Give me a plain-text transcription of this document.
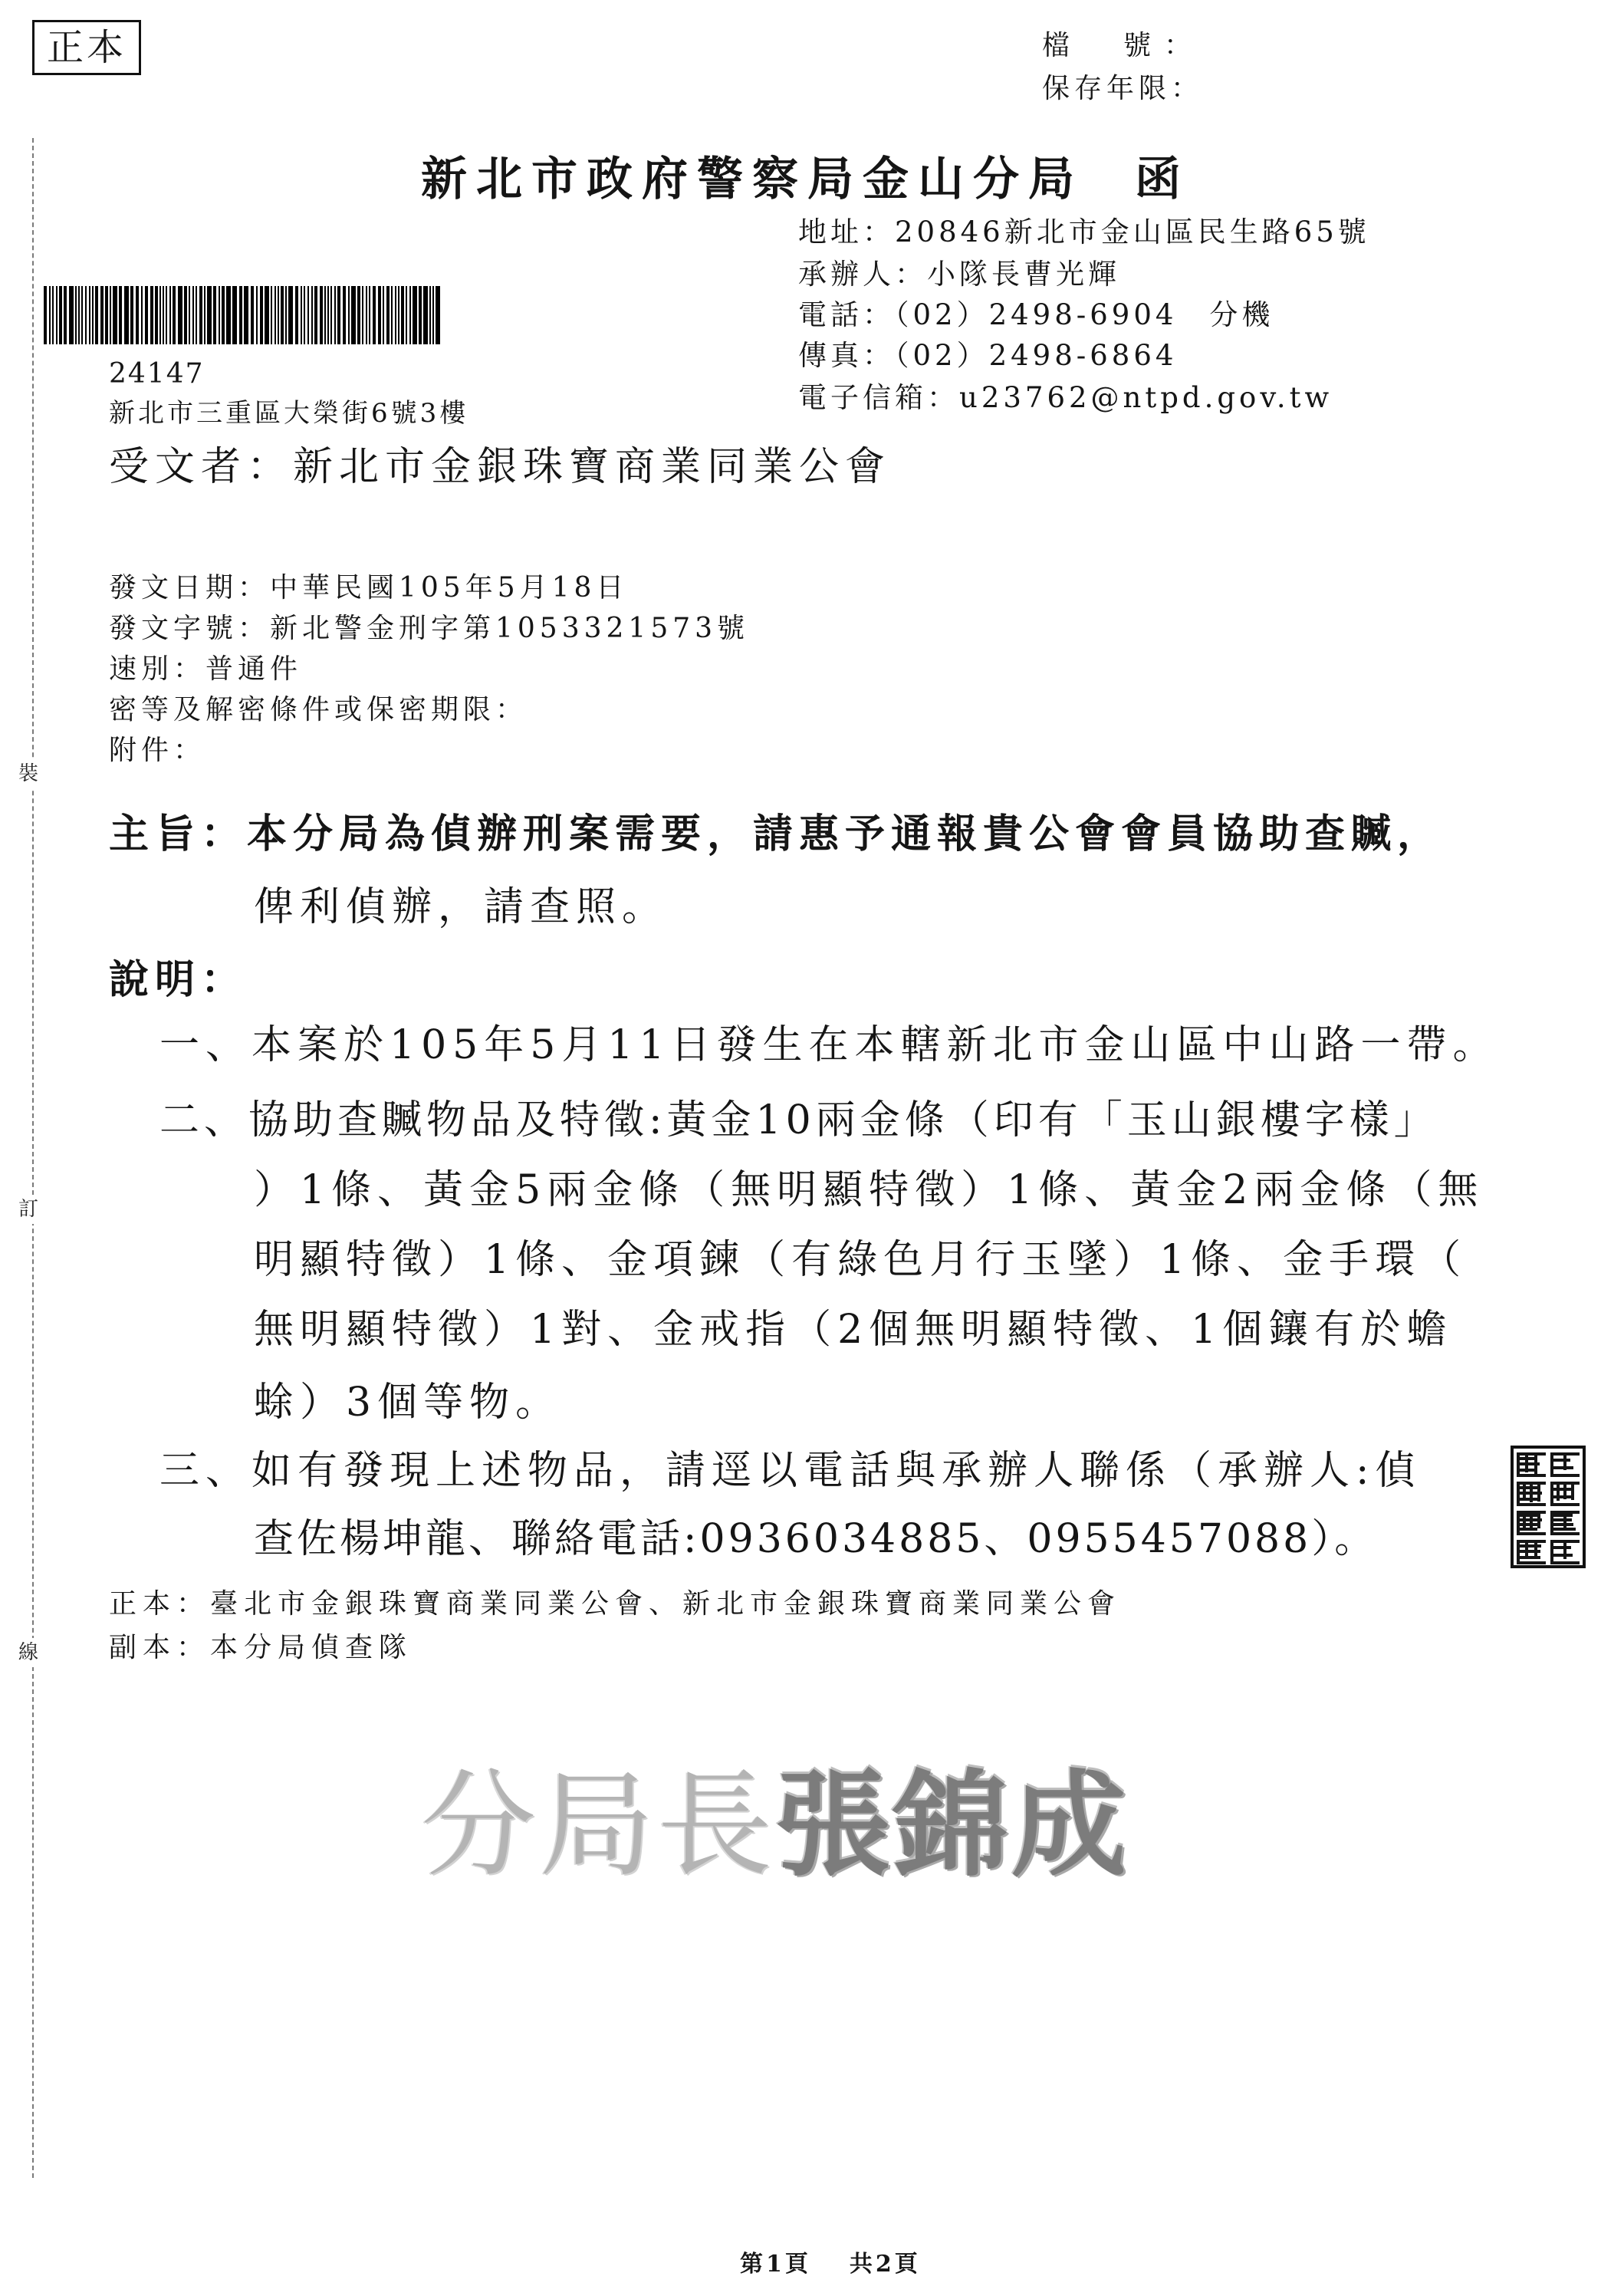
裝
訂
線
正本	檔　號：
保存年限：
新北市政府警察局金山分局 函
地址：20846新北市金山區民生路65號
承辦人：小隊長曹光輝
電話：（02）2498-6904　分機
傳真：（02）2498-6864
電子信箱：u23762@ntpd.gov.tw
24147
新北市三重區大榮街6號3樓
受文者：新北市金銀珠寶商業同業公會
發文日期：中華民國105年5月18日
發文字號：新北警金刑字第1053321573號
速別：普通件
密等及解密條件或保密期限：
附件：
主旨：本分局為偵辦刑案需要，請惠予通報貴公會會員協助查贓，
俾利偵辦，請查照。
說明：
一、本案於105年5月11日發生在本轄新北市金山區中山路一帶。
二、協助查贓物品及特徵:黃金10兩金條（印有「玉山銀樓字樣」
）1條、黃金5兩金條（無明顯特徵）1條、黃金2兩金條（無
明顯特徵）1條、金項鍊（有綠色月行玉墜）1條、金手環（
無明顯特徵）1對、金戒指（2個無明顯特徵、1個鑲有於蟾
蜍）3個等物。
三、如有發現上述物品，請逕以電話與承辦人聯係（承辦人:偵
查佐楊坤龍、聯絡電話:0936034885、0955457088）。
正本：臺北市金銀珠寶商業同業公會、新北市金銀珠寶商業同業公會
副本：本分局偵查隊
分局長張錦成
第1頁 共2頁
